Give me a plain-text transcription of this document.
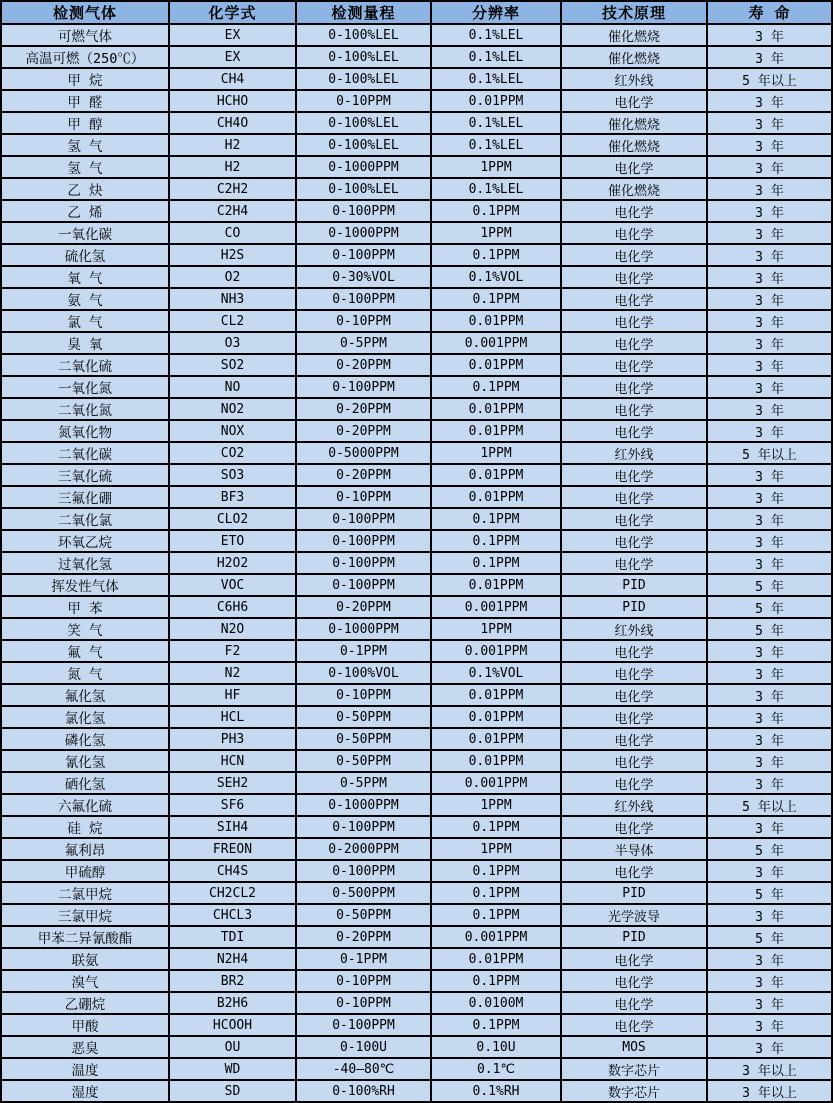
检测气体	化学式	检测量程	分辨率	技术原理	寿 命
可燃气体	EX	0-100%LEL	0.1%LEL	催化燃烧	3 年
高温可燃（250℃）	EX	0-100%LEL	0.1%LEL	催化燃烧	3 年
甲 烷	CH4	0-100%LEL	0.1%LEL	红外线	5 年以上
甲 醛	HCHO	0-10PPM	0.01PPM	电化学	3 年
甲 醇	CH4O	0-100%LEL	0.1%LEL	催化燃烧	3 年
氢 气	H2	0-100%LEL	0.1%LEL	催化燃烧	3 年
氢 气	H2	0-1000PPM	1PPM	电化学	3 年
乙 炔	C2H2	0-100%LEL	0.1%LEL	催化燃烧	3 年
乙 烯	C2H4	0-100PPM	0.1PPM	电化学	3 年
一氧化碳	CO	0-1000PPM	1PPM	电化学	3 年
硫化氢	H2S	0-100PPM	0.1PPM	电化学	3 年
氧 气	O2	0-30%VOL	0.1%VOL	电化学	3 年
氨 气	NH3	0-100PPM	0.1PPM	电化学	3 年
氯 气	CL2	0-10PPM	0.01PPM	电化学	3 年
臭 氧	O3	0-5PPM	0.001PPM	电化学	3 年
二氧化硫	SO2	0-20PPM	0.01PPM	电化学	3 年
一氧化氮	NO	0-100PPM	0.1PPM	电化学	3 年
二氧化氮	NO2	0-20PPM	0.01PPM	电化学	3 年
氮氧化物	NOX	0-20PPM	0.01PPM	电化学	3 年
二氧化碳	CO2	0-5000PPM	1PPM	红外线	5 年以上
三氧化硫	SO3	0-20PPM	0.01PPM	电化学	3 年
三氟化硼	BF3	0-10PPM	0.01PPM	电化学	3 年
二氧化氯	CLO2	0-100PPM	0.1PPM	电化学	3 年
环氧乙烷	ETO	0-100PPM	0.1PPM	电化学	3 年
过氧化氢	H2O2	0-100PPM	0.1PPM	电化学	3 年
挥发性气体	VOC	0-100PPM	0.01PPM	PID	5 年
甲 苯	C6H6	0-20PPM	0.001PPM	PID	5 年
笑 气	N2O	0-1000PPM	1PPM	红外线	5 年
氟 气	F2	0-1PPM	0.001PPM	电化学	3 年
氮 气	N2	0-100%VOL	0.1%VOL	电化学	3 年
氟化氢	HF	0-10PPM	0.01PPM	电化学	3 年
氯化氢	HCL	0-50PPM	0.01PPM	电化学	3 年
磷化氢	PH3	0-50PPM	0.01PPM	电化学	3 年
氰化氢	HCN	0-50PPM	0.01PPM	电化学	3 年
硒化氢	SEH2	0-5PPM	0.001PPM	电化学	3 年
六氟化硫	SF6	0-1000PPM	1PPM	红外线	5 年以上
硅 烷	SIH4	0-100PPM	0.1PPM	电化学	3 年
氟利昂	FREON	0-2000PPM	1PPM	半导体	5 年
甲硫醇	CH4S	0-100PPM	0.1PPM	电化学	3 年
二氯甲烷	CH2CL2	0-500PPM	0.1PPM	PID	5 年
三氯甲烷	CHCL3	0-50PPM	0.1PPM	光学波导	3 年
甲苯二异氰酸酯	TDI	0-20PPM	0.001PPM	PID	5 年
联氨	N2H4	0-1PPM	0.01PPM	电化学	3 年
溴气	BR2	0-10PPM	0.1PPM	电化学	3 年
乙硼烷	B2H6	0-10PPM	0.0100M	电化学	3 年
甲酸	HCOOH	0-100PPM	0.1PPM	电化学	3 年
恶臭	OU	0-100U	0.10U	MOS	3 年
温度	WD	-40—80℃	0.1℃	数字芯片	3 年以上
湿度	SD	0-100%RH	0.1%RH	数字芯片	3 年以上
